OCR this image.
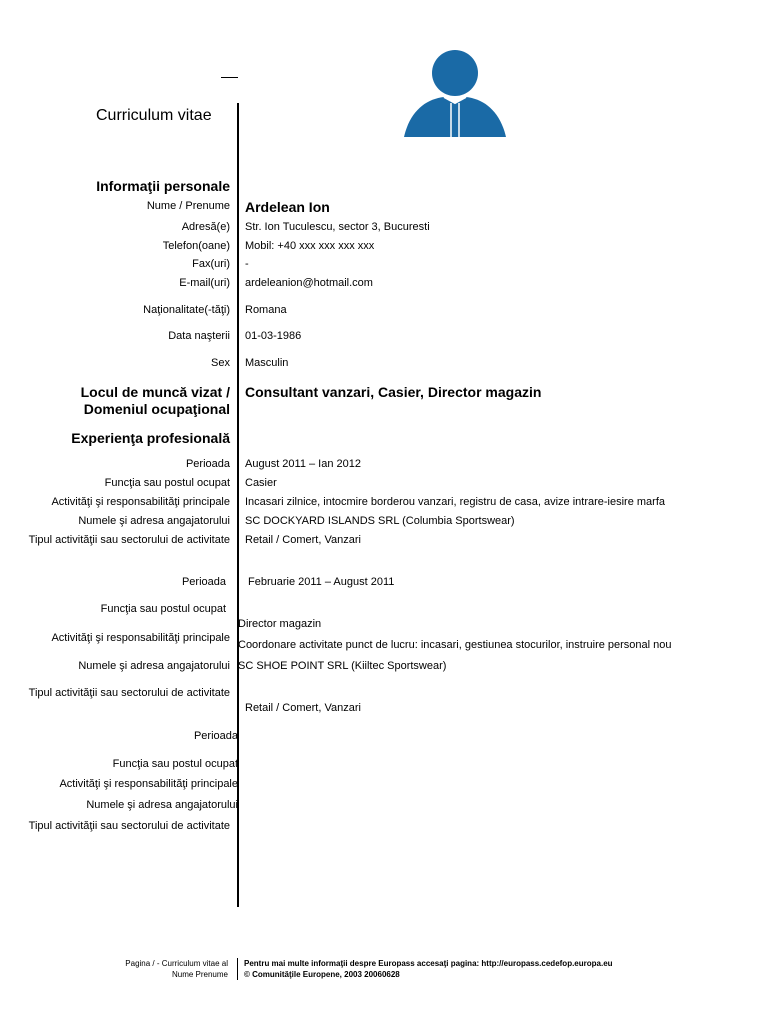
Curriculum vitae
Informaţii personale
Nume / Prenume Ardelean Ion
Adresă(e) Str. Ion Tuculescu, sector 3, Bucuresti
Telefon(oane) Mobil: +40 xxx xxx xxx xxx
Fax(uri) -
E-mail(uri) ardeleanion@hotmail.com
Naţionalitate(-tăţi) Romana
Data naşterii 01-03-1986
Sex Masculin
Locul de muncă vizat /
Domeniul ocupaţional
Consultant vanzari, Casier, Director magazin
Experienţa profesională
Perioada August 2011 – Ian 2012
Funcţia sau postul ocupat Casier
Activităţi şi responsabilităţi principale Incasari zilnice, intocmire borderou vanzari, registru de casa, avize intrare-iesire marfa
Numele şi adresa angajatorului SC DOCKYARD ISLANDS SRL (Columbia Sportswear)
Tipul activităţii sau sectorului de activitate Retail / Comert, Vanzari
Perioada Februarie 2011 – August 2011
Funcţia sau postul ocupat
Director magazin
Activităţi şi responsabilităţi principale
Coordonare activitate punct de lucru: incasari, gestiunea stocurilor, instruire personal nou
Numele şi adresa angajatorului SC SHOE POINT SRL (Kiiltec Sportswear)
Tipul activităţii sau sectorului de activitate
Retail / Comert, Vanzari
Perioada
Funcţia sau postul ocupat
Activităţi şi responsabilităţi principale
Numele şi adresa angajatorului
Tipul activităţii sau sectorului de activitate
Pagina / - Curriculum vitae al
Nume Prenume
Pentru mai multe informaţii despre Europass accesaţi pagina: http://europass.cedefop.europa.eu
© Comunităţile Europene, 2003 20060628
